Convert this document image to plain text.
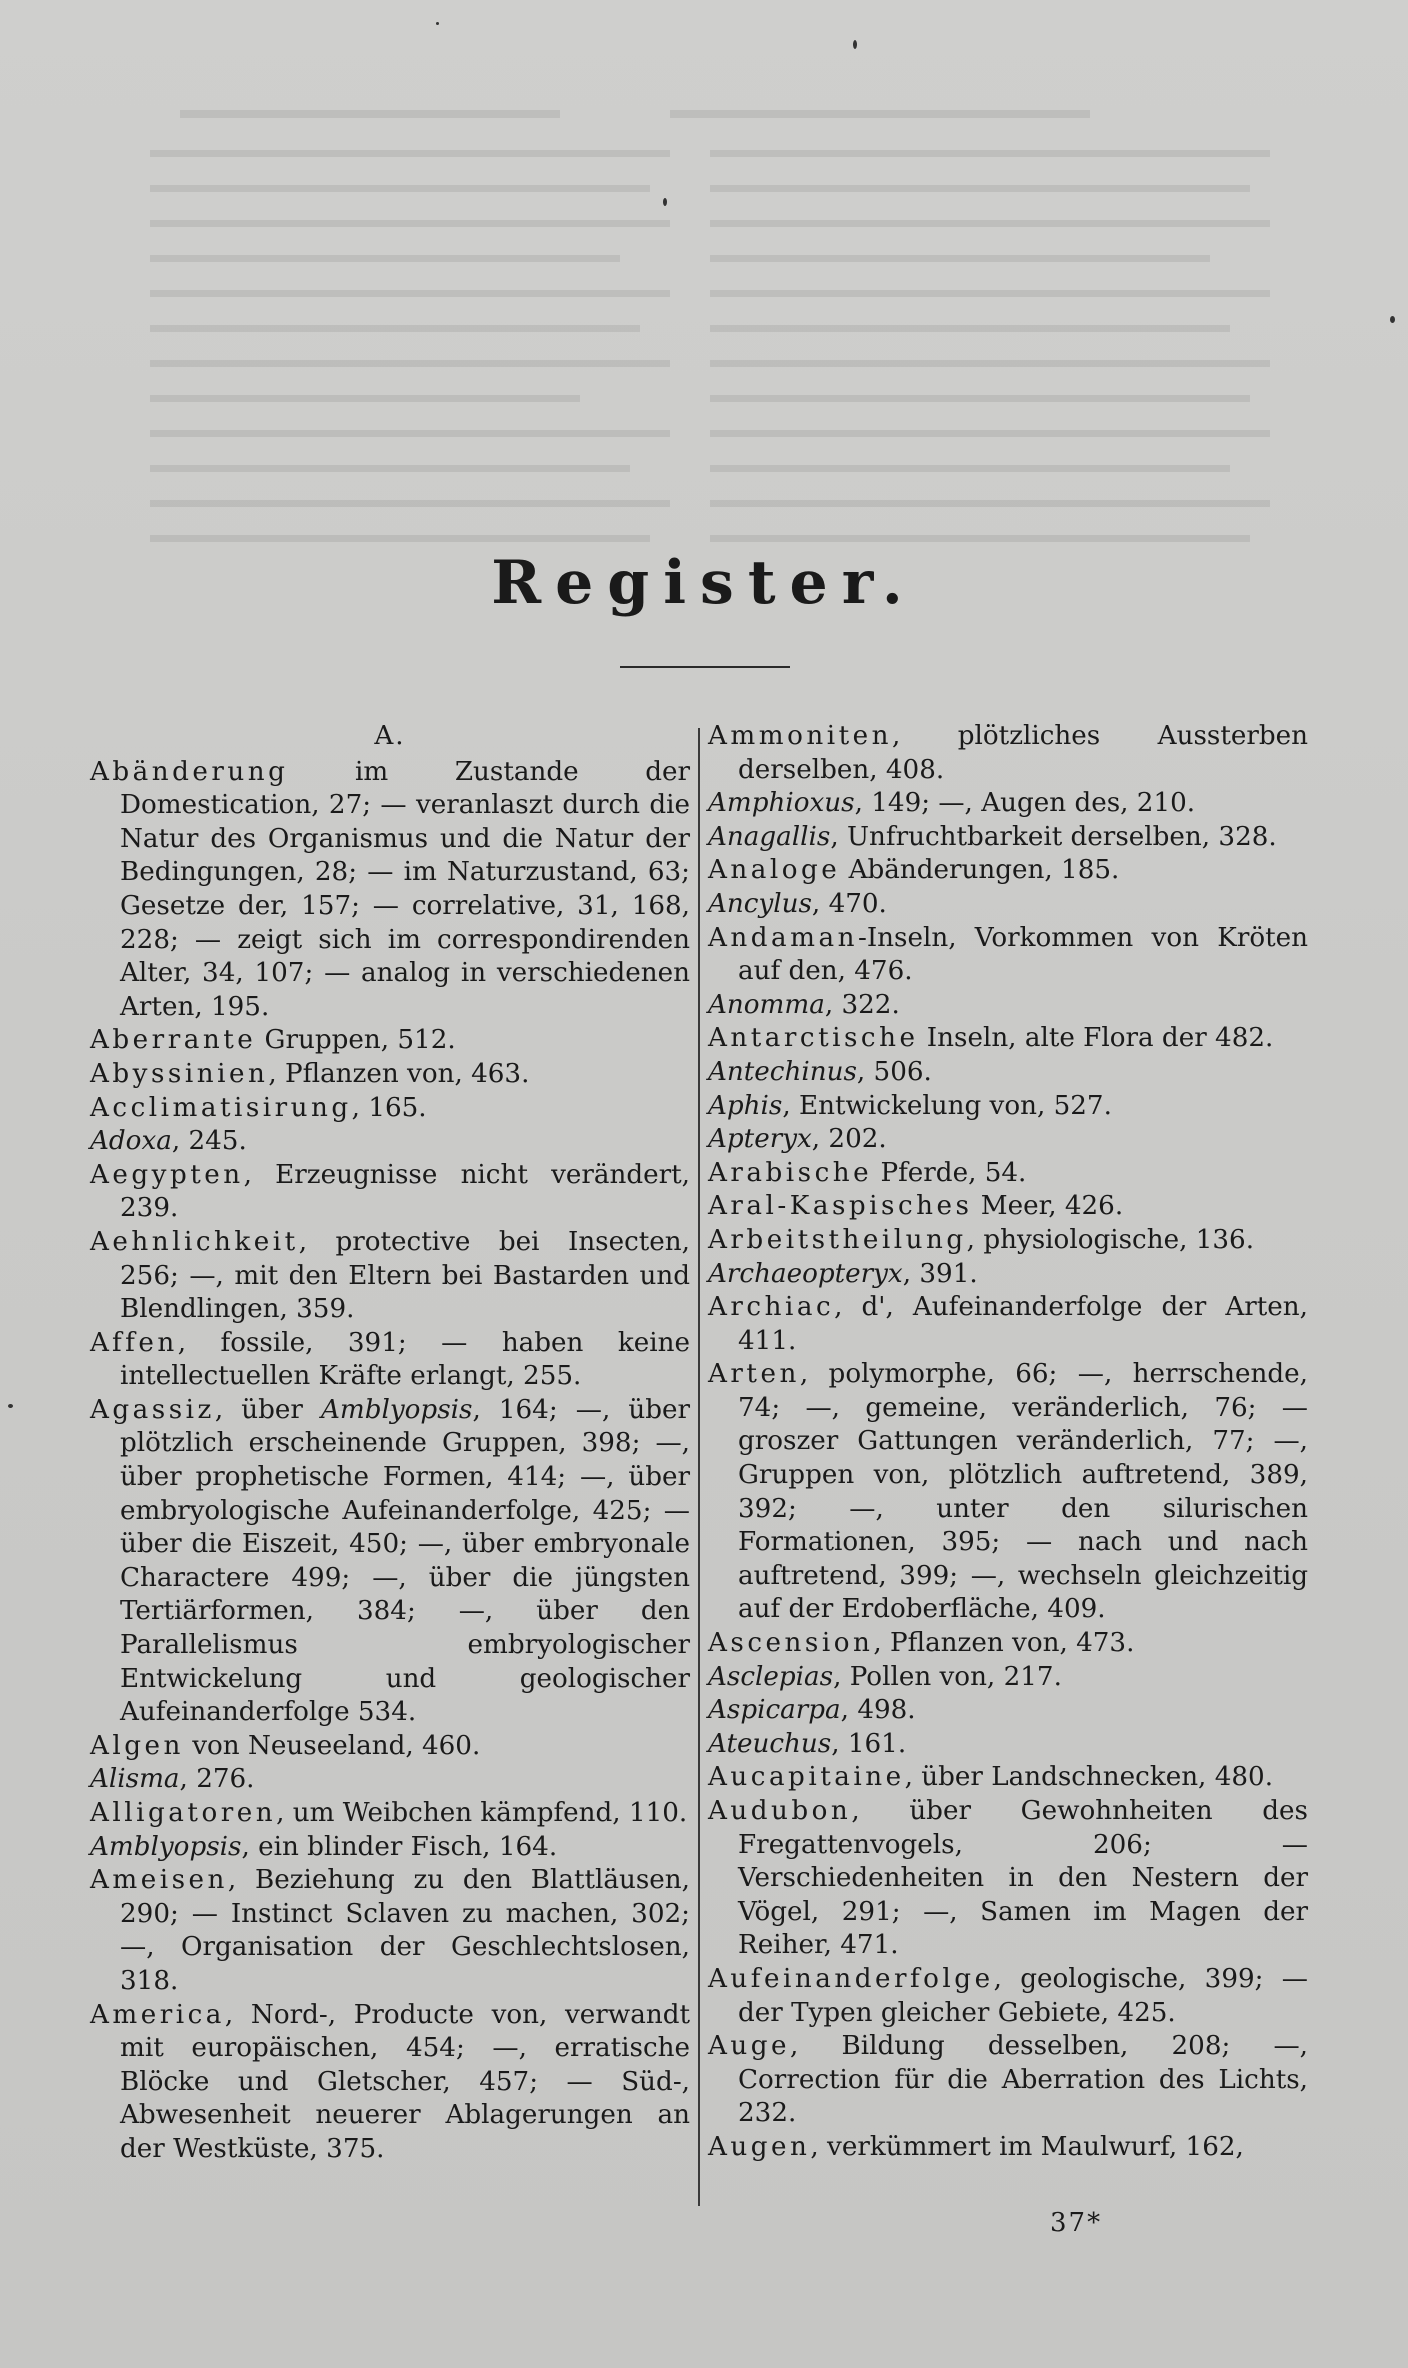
Register.
A.

Abänderung im Zustande der Domestication, 27; — veranlaszt durch die Natur des Organismus und die Natur der Bedingungen, 28; — im Naturzustand, 63; Gesetze der, 157; — correlative, 31, 168, 228; — zeigt sich im correspondirenden Alter, 34, 107; — analog in verschiedenen Arten, 195.

Aberrante Gruppen, 512.

Abyssinien, Pflanzen von, 463.

Acclimatisirung, 165.

Adoxa, 245.

Aegypten, Erzeugnisse nicht verändert, 239.

Aehnlichkeit, protective bei Insecten, 256; —, mit den Eltern bei Bastarden und Blendlingen, 359.

Affen, fossile, 391; — haben keine intellectuellen Kräfte erlangt, 255.

Agassiz, über Amblyopsis, 164; —, über plötzlich erscheinende Gruppen, 398; —, über prophetische Formen, 414; —, über embryologische Aufeinanderfolge, 425; — über die Eiszeit, 450; —, über embryonale Charactere 499; —, über die jüngsten Tertiärformen, 384; —, über den Parallelismus embryologischer Entwickelung und geologischer Aufeinanderfolge 534.

Algen von Neuseeland, 460.

Alisma, 276.

Alligatoren, um Weibchen kämpfend, 110.

Amblyopsis, ein blinder Fisch, 164.

Ameisen, Beziehung zu den Blattläusen, 290; — Instinct Sclaven zu machen, 302; —, Organisation der Geschlechtslosen, 318.

America, Nord-, Producte von, verwandt mit europäischen, 454; —, erratische Blöcke und Gletscher, 457; — Süd-, Abwesenheit neuerer Ablagerungen an der Westküste, 375.

Ammoniten, plötzliches Aussterben derselben, 408.

Amphioxus, 149; —, Augen des, 210.

Anagallis, Unfruchtbarkeit derselben, 328.

Analoge Abänderungen, 185.

Ancylus, 470.

Andaman-Inseln, Vorkommen von Kröten auf den, 476.

Anomma, 322.

Antarctische Inseln, alte Flora der 482.

Antechinus, 506.

Aphis, Entwickelung von, 527.

Apteryx, 202.

Arabische Pferde, 54.

Aral-Kaspisches Meer, 426.

Arbeitstheilung, physiologische, 136.

Archaeopteryx, 391.

Archiac, d', Aufeinanderfolge der Arten, 411.

Arten, polymorphe, 66; —, herrschende, 74; —, gemeine, veränderlich, 76; — groszer Gattungen veränderlich, 77; —, Gruppen von, plötzlich auftretend, 389, 392; —, unter den silurischen Formationen, 395; — nach und nach auftretend, 399; —, wechseln gleichzeitig auf der Erdoberfläche, 409.

Ascension, Pflanzen von, 473.

Asclepias, Pollen von, 217.

Aspicarpa, 498.

Ateuchus, 161.

Aucapitaine, über Landschnecken, 480.

Audubon, über Gewohnheiten des Fregattenvogels, 206; — Verschiedenheiten in den Nestern der Vögel, 291; —, Samen im Magen der Reiher, 471.

Aufeinanderfolge, geologische, 399; — der Typen gleicher Gebiete, 425.

Auge, Bildung desselben, 208; —, Correction für die Aberration des Lichts, 232.

Augen, verkümmert im Maulwurf, 162,

37*
